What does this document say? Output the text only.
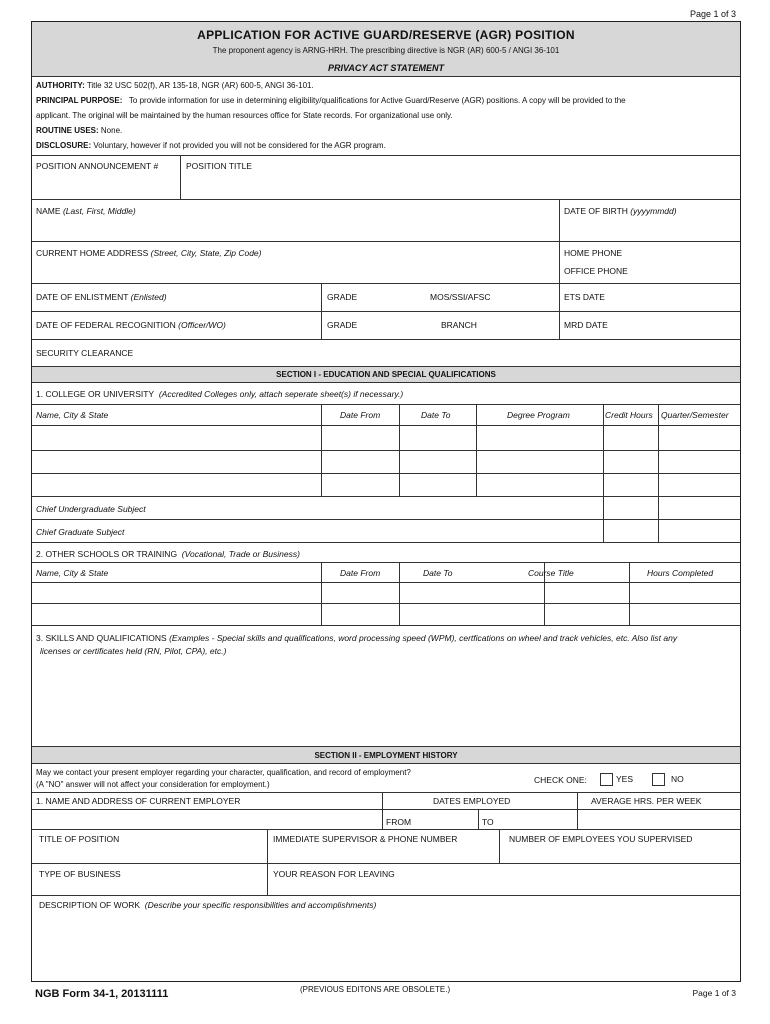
Page 1 of 3
APPLICATION FOR ACTIVE GUARD/RESERVE (AGR) POSITION
The proponent agency is ARNG-HRH. The prescribing directive is NGR (AR) 600-5 / ANGI 36-101
PRIVACY ACT STATEMENT
AUTHORITY: Title 32 USC 502(f), AR 135-18, NGR (AR) 600-5, ANGI 36-101.
PRINCIPAL PURPOSE: To provide information for use in determining eligibility/qualifications for Active Guard/Reserve (AGR) positions. A copy will be provided to the
applicant. The original will be maintained by the human resources office for State records. For organizational use only.
ROUTINE USES: None.
DISCLOSURE: Voluntary, however if not provided you will not be considered for the AGR program.
POSITION ANNOUNCEMENT #	POSITION TITLE
NAME (Last, First, Middle)	DATE OF BIRTH (yyyymmdd)
CURRENT HOME ADDRESS (Street, City, State, Zip Code)	HOME PHONE
OFFICE PHONE
DATE OF ENLISTMENT (Enlisted)	GRADE	MOS/SSI/AFSC	ETS DATE
DATE OF FEDERAL RECOGNITION (Officer/WO)	GRADE	BRANCH	MRD DATE
SECURITY CLEARANCE
SECTION I - EDUCATION AND SPECIAL QUALIFICATIONS
1. COLLEGE OR UNIVERSITY (Accredited Colleges only, attach seperate sheet(s) if necessary.)
Name, City & State	Date From	Date To	Degree Program	Credit Hours Quarter/Semester
Chief Undergraduate Subject
Chief Graduate Subject
2. OTHER SCHOOLS OR TRAINING (Vocational, Trade or Business)
Name, City & State	Date From	Date To	Course Title	Hours Completed
3. SKILLS AND QUALIFICATIONS (Examples - Special skills and qualifications, word processing speed (WPM), certfications on wheel and track vehicles, etc. Also list any
licenses or certificates held (RN, Pilot, CPA), etc.)
SECTION II - EMPLOYMENT HISTORY
May we contact your present employer regarding your character, qualification, and record of employment?
(A "NO" answer will not affect your consideration for employment.)	CHECK ONE:	YES	NO
1. NAME AND ADDRESS OF CURRENT EMPLOYER	DATES EMPLOYED	AVERAGE HRS. PER WEEK
FROM	TO
TITLE OF POSITION	IMMEDIATE SUPERVISOR & PHONE NUMBER	NUMBER OF EMPLOYEES YOU SUPERVISED
TYPE OF BUSINESS	YOUR REASON FOR LEAVING
DESCRIPTION OF WORK (Describe your specific responsibilities and accomplishments)
NGB Form 34-1, 20131111	(PREVIOUS EDITONS ARE OBSOLETE.)	Page 1 of 3
